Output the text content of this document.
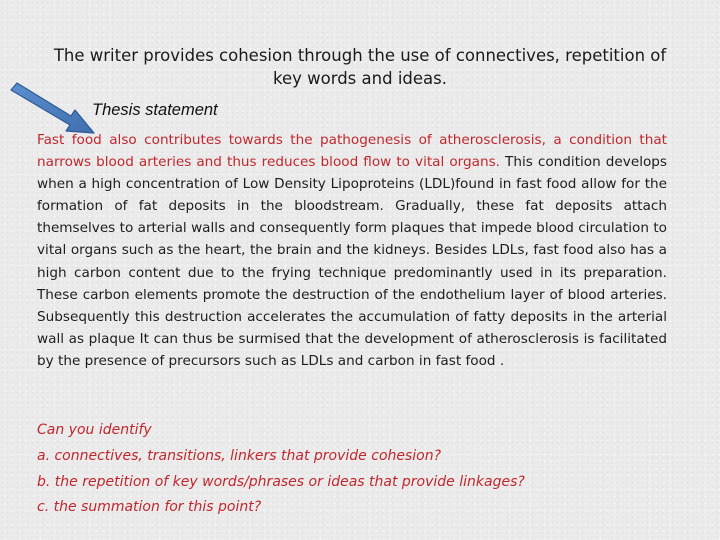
The writer provides cohesion through the use of connectives, repetition of key words and ideas.
Thesis statement

Fast food also contributes towards the pathogenesis of atherosclerosis, a condition that narrows blood arteries and thus reduces blood flow to vital organs. This condition develops when a high concentration of Low Density Lipoproteins (LDL)found in fast food allow for the formation of fat deposits in the bloodstream. Gradually, these fat deposits attach themselves to arterial walls and consequently form plaques that impede blood circulation to vital organs such as the heart, the brain and the kidneys. Besides LDLs, fast food also has a high carbon content due to the frying technique predominantly used in its preparation. These carbon elements promote the destruction of the endothelium layer of blood arteries. Subsequently this destruction accelerates the accumulation of fatty deposits in the arterial wall as plaque It can thus be surmised that the development of atherosclerosis is facilitated by the presence of precursors such as LDLs and carbon in fast food .

Can you identify
a. connectives, transitions, linkers that provide cohesion?
b. the repetition of key words/phrases or ideas that provide linkages?
c. the summation for this point?
